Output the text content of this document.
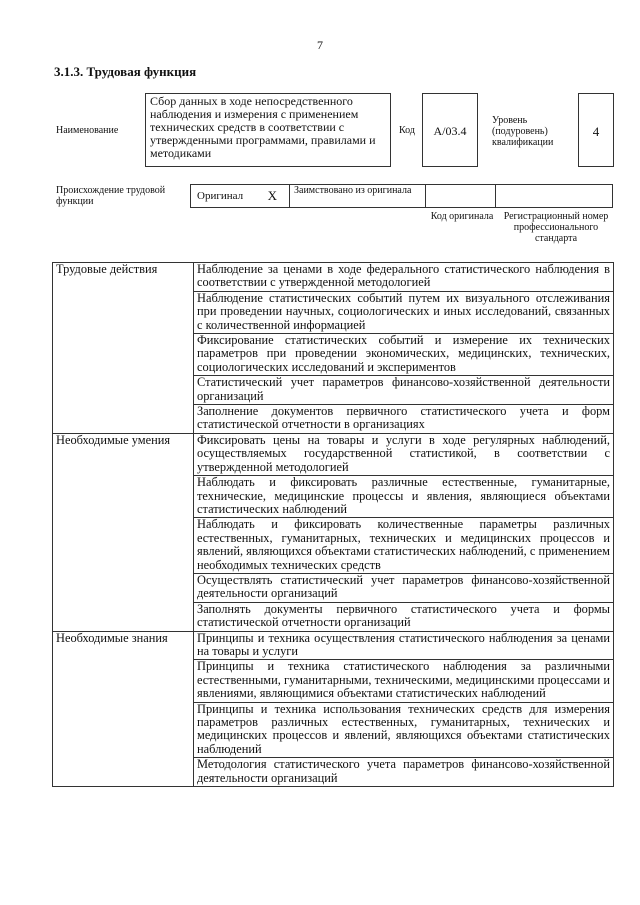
7
3.1.3. Трудовая функция
Наименование
Сбор данных в ходе непосредственного наблюдения и измерения с применением технических средств в соответствии с утвержденными программами, правилами и методиками
Код	A/03.4
Уровень (подуровень) квалификации
4
Происхождение трудовой функции	Оригинал X	Заимствовано из оригинала
Код оригинала	Регистрационный номер профессионального стандарта
Трудовые действия	Наблюдение за ценами в ходе федерального статистического наблюдения в соответствии с утвержденной методологией
	Наблюдение статистических событий путем их визуального отслеживания при проведении научных, социологических и иных исследований, связанных с количественной информацией
	Фиксирование статистических событий и измерение их технических параметров при проведении экономических, медицинских, технических, социологических исследований и экспериментов
	Статистический учет параметров финансово-хозяйственной деятельности организаций
	Заполнение документов первичного статистического учета и форм статистической отчетности в организациях
Необходимые умения	Фиксировать цены на товары и услуги в ходе регулярных наблюдений, осуществляемых государственной статистикой, в соответствии с утвержденной методологией
	Наблюдать и фиксировать различные естественные, гуманитарные, технические, медицинские процессы и явления, являющиеся объектами статистических наблюдений
	Наблюдать и фиксировать количественные параметры различных естественных, гуманитарных, технических и медицинских процессов и явлений, являющихся объектами статистических наблюдений, с применением необходимых технических средств
	Осуществлять статистический учет параметров финансово-хозяйственной деятельности организаций
	Заполнять документы первичного статистического учета и формы статистической отчетности организаций
Необходимые знания	Принципы и техника осуществления статистического наблюдения за ценами на товары и услуги
	Принципы и техника статистического наблюдения за различными естественными, гуманитарными, техническими, медицинскими процессами и явлениями, являющимися объектами статистических наблюдений
	Принципы и техника использования технических средств для измерения параметров различных естественных, гуманитарных, технических и медицинских процессов и явлений, являющихся объектами статистических наблюдений
	Методология статистического учета параметров финансово-хозяйственной деятельности организаций
